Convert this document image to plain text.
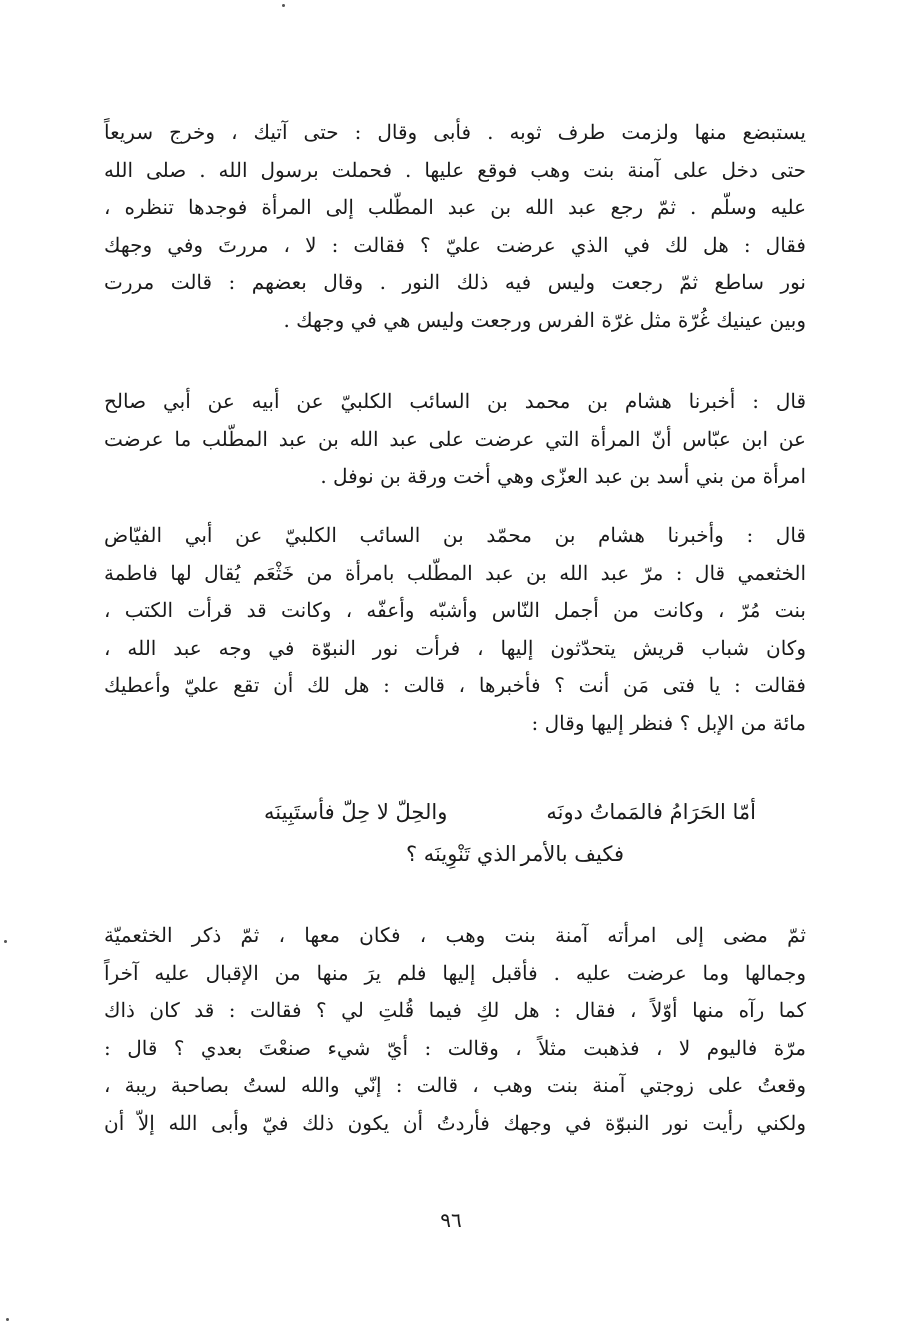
يستبضع منها ولزمت طرف ثوبه . فأبى وقال : حتى آتيك ، وخرج سريعاً
حتى دخل على آمنة بنت وهب فوقع عليها . فحملت برسول الله . صلى الله
عليه وسلّم . ثمّ رجع عبد الله بن عبد المطّلب إلى المرأة فوجدها تنظره ،
فقال : هل لك في الذي عرضت عليّ ؟ فقالت : لا ، مررتَ وفي وجهك
نور ساطع ثمّ رجعت وليس فيه ذلك النور . وقال بعضهم : قالت مررت
وبين عينيك غُرّة مثل غرّة الفرس ورجعت وليس هي في وجهك .
قال : أخبرنا هشام بن محمد بن السائب الكلبيّ عن أبيه عن أبي صالح
عن ابن عبّاس أنّ المرأة التي عرضت على عبد الله بن عبد المطّلب ما عرضت
امرأة من بني أسد بن عبد العزّى وهي أخت ورقة بن نوفل .
قال : وأخبرنا هشام بن محمّد بن السائب الكلبيّ عن أبي الفيّاض
الخثعمي قال : مرّ عبد الله بن عبد المطّلب بامرأة من خَثْعَم يُقال لها فاطمة
بنت مُرّ ، وكانت من أجمل النّاس وأشبّه وأعفّه ، وكانت قد قرأت الكتب ،
وكان شباب قريش يتحدّثون إليها ، فرأت نور النبوّة في وجه عبد الله ،
فقالت : يا فتى مَن أنت ؟ فأخبرها ، قالت : هل لك أن تقع عليّ وأعطيك
مائة من الإبل ؟ فنظر إليها وقال :
أمّا الحَرَامُ فالمَماتُ دونَه
والحِلّ لا حِلّ فأستَبِينَه
فكيف بالأمر
الذي تَنْوِينَه ؟
ثمّ مضى إلى امرأته آمنة بنت وهب ، فكان معها ، ثمّ ذكر الخثعميّة
وجمالها وما عرضت عليه . فأقبل إليها فلم يرَ منها من الإقبال عليه آخراً
كما رآه منها أوّلاً ، فقال : هل لكِ فيما قُلتِ لي ؟ فقالت : قد كان ذاك
مرّة فاليوم لا ، فذهبت مثلاً ، وقالت : أيّ شيء صنعْتَ بعدي ؟ قال :
وقعتُ على زوجتي آمنة بنت وهب ، قالت : إنّي والله لستُ بصاحبة ريبة ،
ولكني رأيت نور النبوّة في وجهك فأردتُ أن يكون ذلك فيّ وأبى الله إلاّ أن
٩٦
